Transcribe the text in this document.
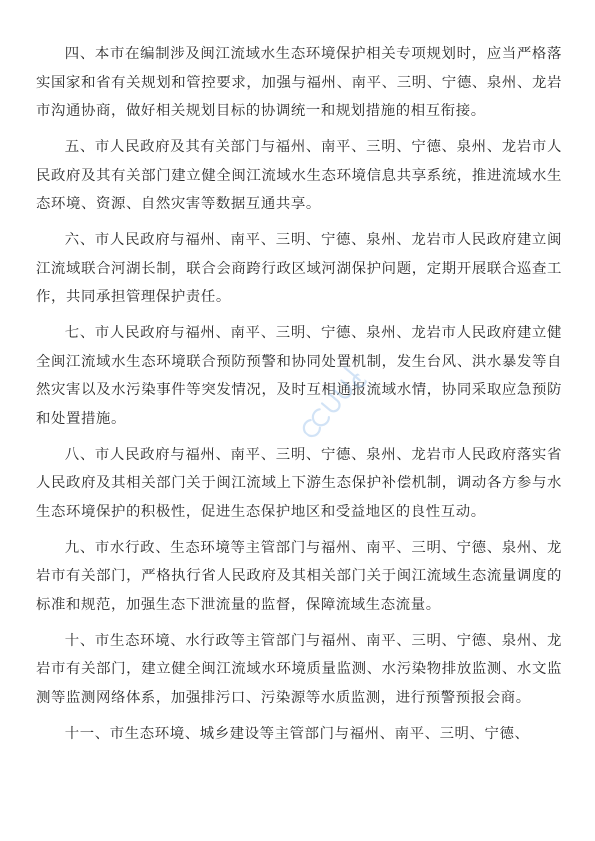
四、本市在编制涉及闽江流域水生态环境保护相关专项规划时，应当严格落实国家和省有关规划和管控要求，加强与福州、南平、三明、宁德、泉州、龙岩市沟通协商，做好相关规划目标的协调统一和规划措施的相互衔接。

五、市人民政府及其有关部门与福州、南平、三明、宁德、泉州、龙岩市人民政府及其有关部门建立健全闽江流域水生态环境信息共享系统，推进流域水生态环境、资源、自然灾害等数据互通共享。

六、市人民政府与福州、南平、三明、宁德、泉州、龙岩市人民政府建立闽江流域联合河湖长制，联合会商跨行政区域河湖保护问题，定期开展联合巡查工作，共同承担管理保护责任。

七、市人民政府与福州、南平、三明、宁德、泉州、龙岩市人民政府建立健全闽江流域水生态环境联合预防预警和协同处置机制，发生台风、洪水暴发等自然灾害以及水污染事件等突发情况，及时互相通报流域水情，协同采取应急预防和处置措施。

八、市人民政府与福州、南平、三明、宁德、泉州、龙岩市人民政府落实省人民政府及其相关部门关于闽江流域上下游生态保护补偿机制，调动各方参与水生态环境保护的积极性，促进生态保护地区和受益地区的良性互动。

九、市水行政、生态环境等主管部门与福州、南平、三明、宁德、泉州、龙岩市有关部门，严格执行省人民政府及其相关部门关于闽江流域生态流量调度的标准和规范，加强生态下泄流量的监督，保障流域生态流量。

十、市生态环境、水行政等主管部门与福州、南平、三明、宁德、泉州、龙岩市有关部门，建立健全闽江流域水环境质量监测、水污染物排放监测、水文监测等监测网络体系，加强排污口、污染源等水质监测，进行预警预报会商。

十一、市生态环境、城乡建设等主管部门与福州、南平、三明、宁德、
